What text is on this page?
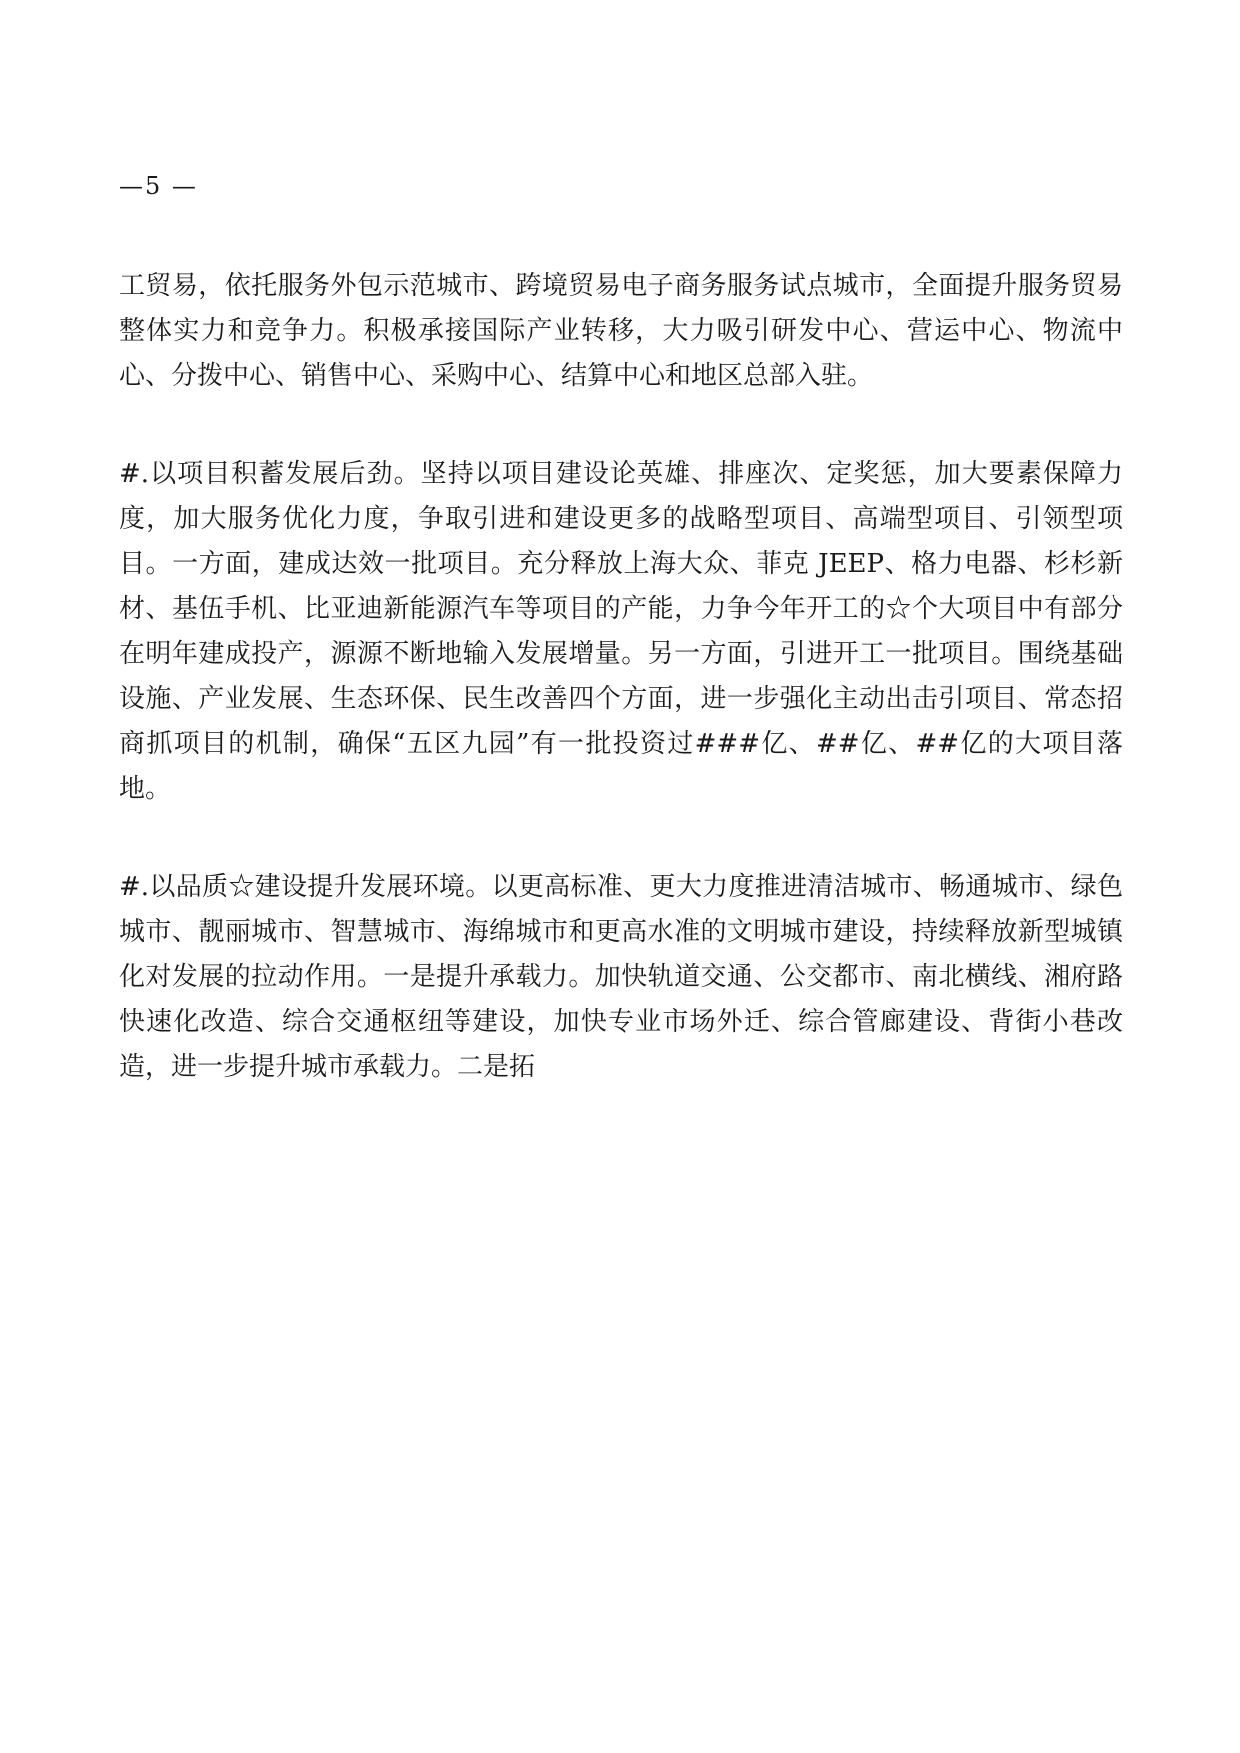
—5 —

工贸易，依托服务外包示范城市、跨境贸易电子商务服务试点城市，全面提升服务贸易整体实力和竞争力。积极承接国际产业转移，大力吸引研发中心、营运中心、物流中心、分拨中心、销售中心、采购中心、结算中心和地区总部入驻。

#.以项目积蓄发展后劲。坚持以项目建设论英雄、排座次、定奖惩，加大要素保障力度，加大服务优化力度，争取引进和建设更多的战略型项目、高端型项目、引领型项目。一方面，建成达效一批项目。充分释放上海大众、菲克 JEEP、格力电器、杉杉新材、基伍手机、比亚迪新能源汽车等项目的产能，力争今年开工的☆个大项目中有部分在明年建成投产，源源不断地输入发展增量。另一方面，引进开工一批项目。围绕基础设施、产业发展、生态环保、民生改善四个方面，进一步强化主动出击引项目、常态招商抓项目的机制，确保“五区九园”有一批投资过###亿、##亿、##亿的大项目落地。

#.以品质☆建设提升发展环境。以更高标准、更大力度推进清洁城市、畅通城市、绿色城市、靓丽城市、智慧城市、海绵城市和更高水准的文明城市建设，持续释放新型城镇化对发展的拉动作用。一是提升承载力。加快轨道交通、公交都市、南北横线、湘府路快速化改造、综合交通枢纽等建设，加快专业市场外迁、综合管廊建设、背街小巷改造，进一步提升城市承载力。二是拓
